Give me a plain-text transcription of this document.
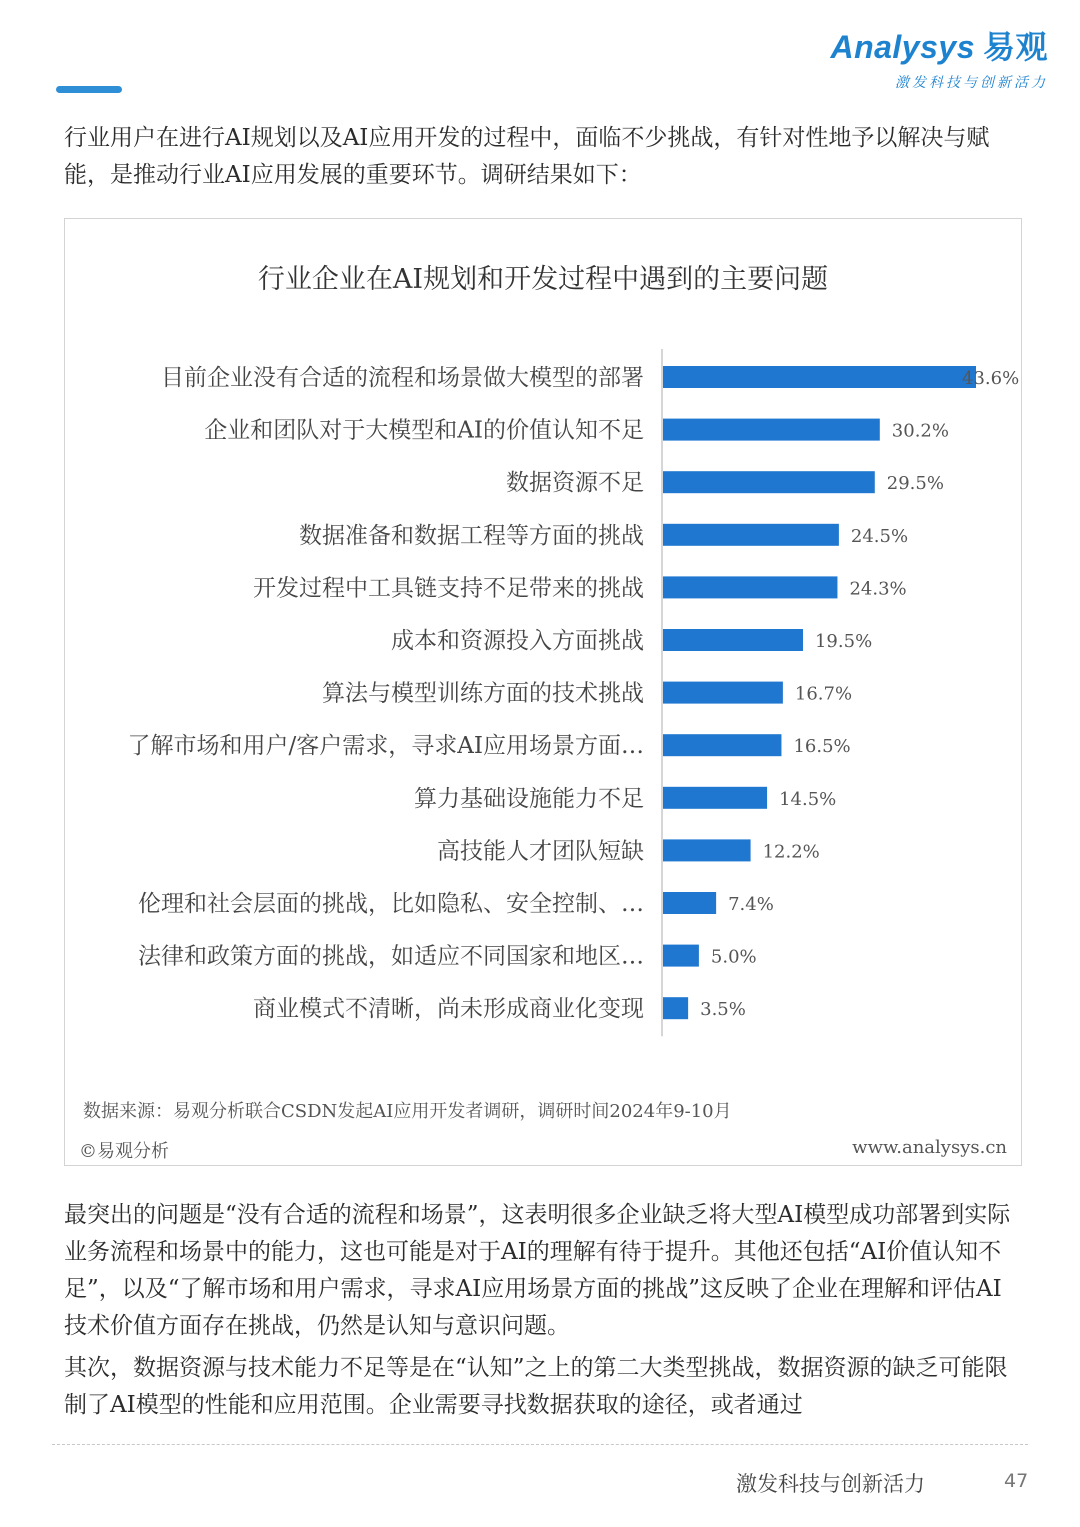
Analysys 易观
激发科技与创新活力
行业用户在进行AI规划以及AI应用开发的过程中，面临不少挑战，有针对性地予以解决与赋能，是推动行业AI应用发展的重要环节。调研结果如下：
行业企业在AI规划和开发过程中遇到的主要问题
目前企业没有合适的流程和场景做大模型的部署	43.6%
企业和团队对于大模型和AI的价值认知不足	30.2%
数据资源不足	29.5%
数据准备和数据工程等方面的挑战	24.5%
开发过程中工具链支持不足带来的挑战	24.3%
成本和资源投入方面挑战	19.5%
算法与模型训练方面的技术挑战	16.7%
了解市场和用户/客户需求，寻求AI应用场景方面…	16.5%
算力基础设施能力不足	14.5%
高技能人才团队短缺	12.2%
伦理和社会层面的挑战，比如隐私、安全控制、…	7.4%
法律和政策方面的挑战，如适应不同国家和地区…	5.0%
商业模式不清晰，尚未形成商业化变现	3.5%
数据来源：易观分析联合CSDN发起AI应用开发者调研，调研时间2024年9-10月
©易观分析	www.analysys.cn
最突出的问题是“没有合适的流程和场景”，这表明很多企业缺乏将大型AI模型成功部署到实际业务流程和场景中的能力，这也可能是对于AI的理解有待于提升。其他还包括“AI价值认知不足”，以及“了解市场和用户需求，寻求AI应用场景方面的挑战”这反映了企业在理解和评估AI技术价值方面存在挑战，仍然是认知与意识问题。
其次，数据资源与技术能力不足等是在“认知”之上的第二大类型挑战，数据资源的缺乏可能限制了AI模型的性能和应用范围。企业需要寻找数据获取的途径，或者通过
激发科技与创新活力	47
